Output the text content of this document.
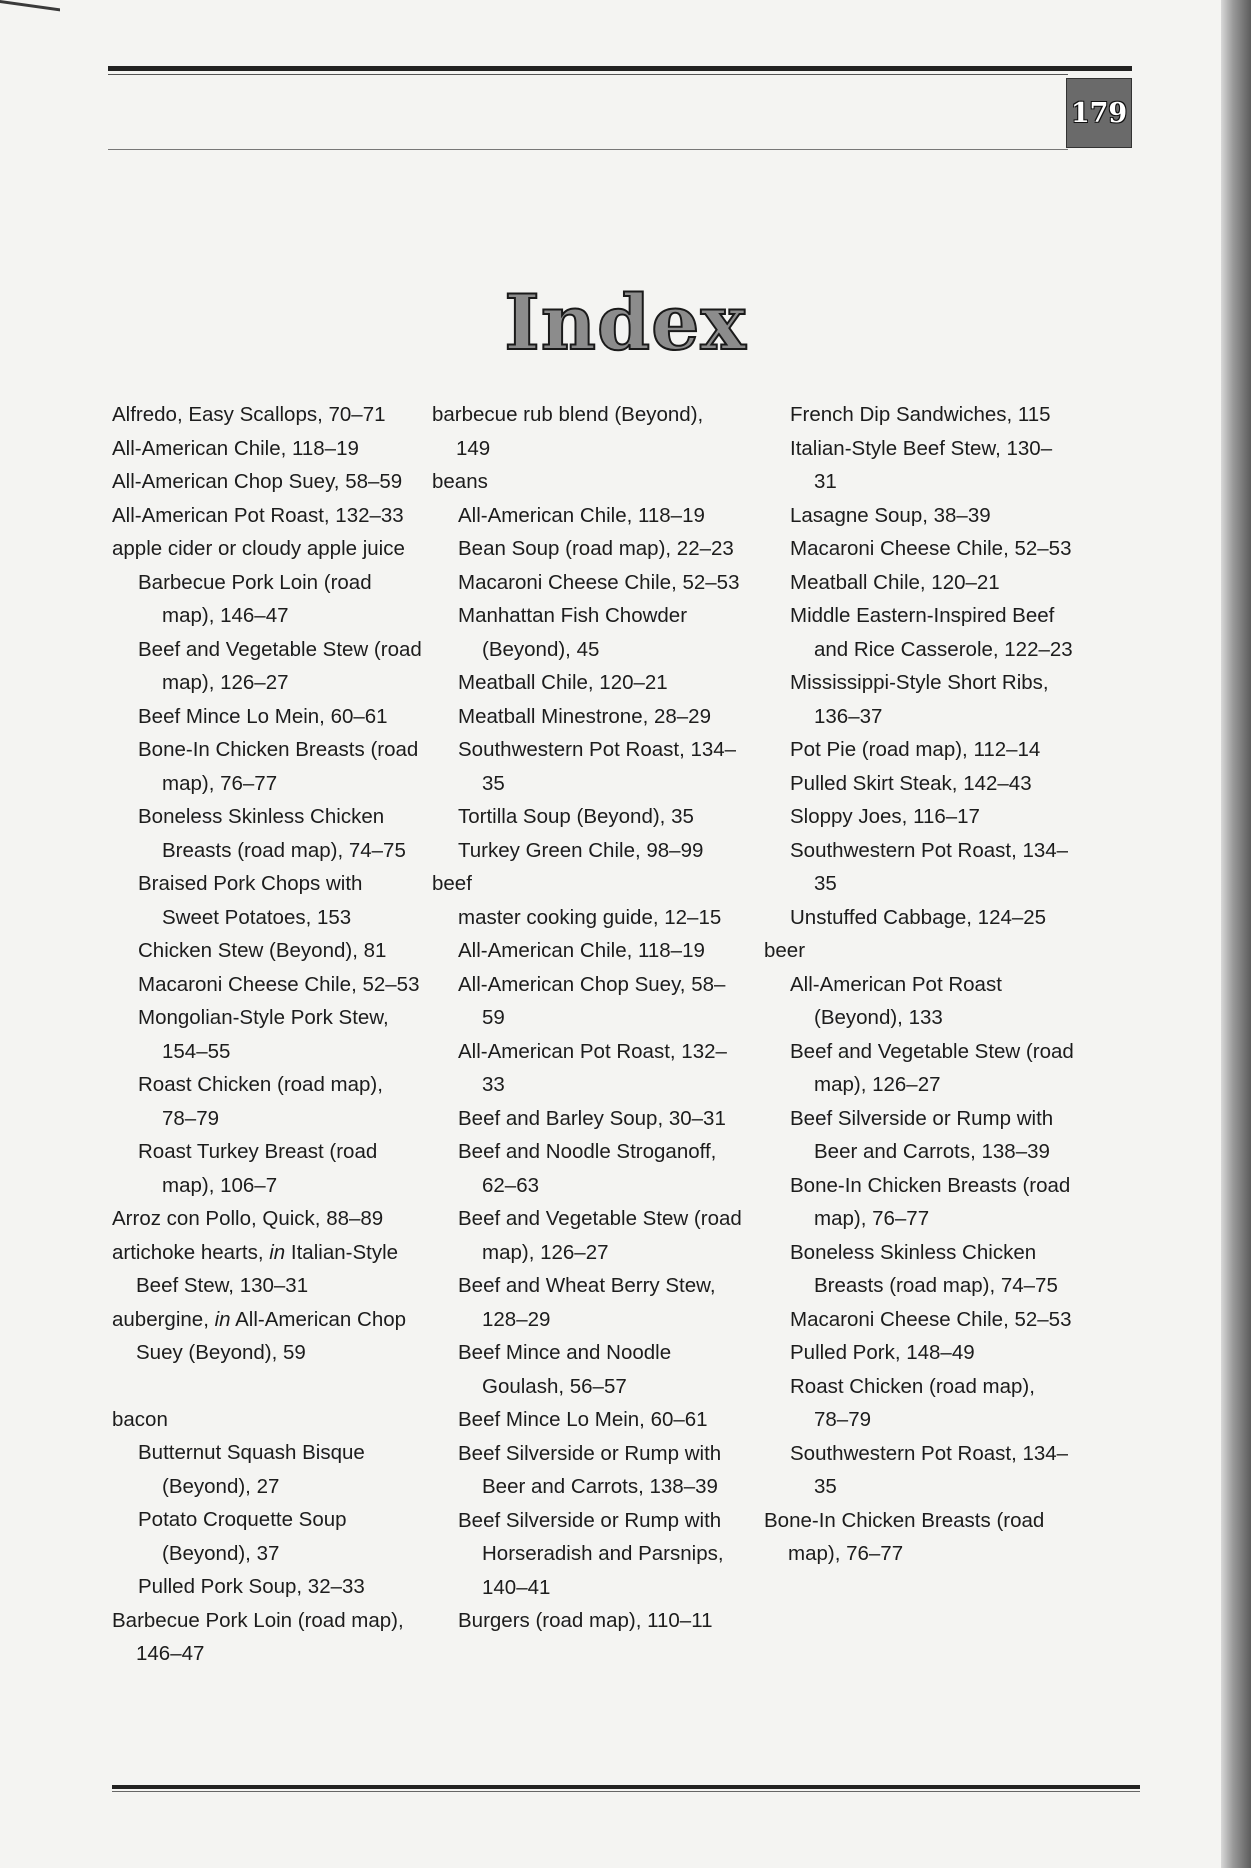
179
Index

Alfredo, Easy Scallops, 70–71

All-American Chile, 118–19

All-American Chop Suey, 58–59

All-American Pot Roast, 132–33

apple cider or cloudy apple juice

Barbecue Pork Loin (road map), 146–47

Beef and Vegetable Stew (road map), 126–27

Beef Mince Lo Mein, 60–61

Bone-In Chicken Breasts (road map), 76–77

Boneless Skinless Chicken Breasts (road map), 74–75

Braised Pork Chops with Sweet Potatoes, 153

Chicken Stew (Beyond), 81

Macaroni Cheese Chile, 52–53

Mongolian-Style Pork Stew, 154–55

Roast Chicken (road map), 78–79

Roast Turkey Breast (road map), 106–7

Arroz con Pollo, Quick, 88–89

artichoke hearts, in Italian-Style Beef Stew, 130–31

aubergine, in All-American Chop Suey (Beyond), 59

bacon

Butternut Squash Bisque (Beyond), 27

Potato Croquette Soup (Beyond), 37

Pulled Pork Soup, 32–33

Barbecue Pork Loin (road map), 146–47

barbecue rub blend (Beyond), 149

beans

All-American Chile, 118–19

Bean Soup (road map), 22–23

Macaroni Cheese Chile, 52–53

Manhattan Fish Chowder (Beyond), 45

Meatball Chile, 120–21

Meatball Minestrone, 28–29

Southwestern Pot Roast, 134–35

Tortilla Soup (Beyond), 35

Turkey Green Chile, 98–99

beef

master cooking guide, 12–15

All-American Chile, 118–19

All-American Chop Suey, 58–59

All-American Pot Roast, 132–33

Beef and Barley Soup, 30–31

Beef and Noodle Stroganoff, 62–63

Beef and Vegetable Stew (road map), 126–27

Beef and Wheat Berry Stew, 128–29

Beef Mince and Noodle Goulash, 56–57

Beef Mince Lo Mein, 60–61

Beef Silverside or Rump with Beer and Carrots, 138–39

Beef Silverside or Rump with Horseradish and Parsnips, 140–41

Burgers (road map), 110–11

French Dip Sandwiches, 115

Italian-Style Beef Stew, 130–31

Lasagne Soup, 38–39

Macaroni Cheese Chile, 52–53

Meatball Chile, 120–21

Middle Eastern-Inspired Beef and Rice Casserole, 122–23

Mississippi-Style Short Ribs, 136–37

Pot Pie (road map), 112–14

Pulled Skirt Steak, 142–43

Sloppy Joes, 116–17

Southwestern Pot Roast, 134–35

Unstuffed Cabbage, 124–25

beer

All-American Pot Roast (Beyond), 133

Beef and Vegetable Stew (road map), 126–27

Beef Silverside or Rump with Beer and Carrots, 138–39

Bone-In Chicken Breasts (road map), 76–77

Boneless Skinless Chicken Breasts (road map), 74–75

Macaroni Cheese Chile, 52–53

Pulled Pork, 148–49

Roast Chicken (road map), 78–79

Southwestern Pot Roast, 134–35

Bone-In Chicken Breasts (road map), 76–77
